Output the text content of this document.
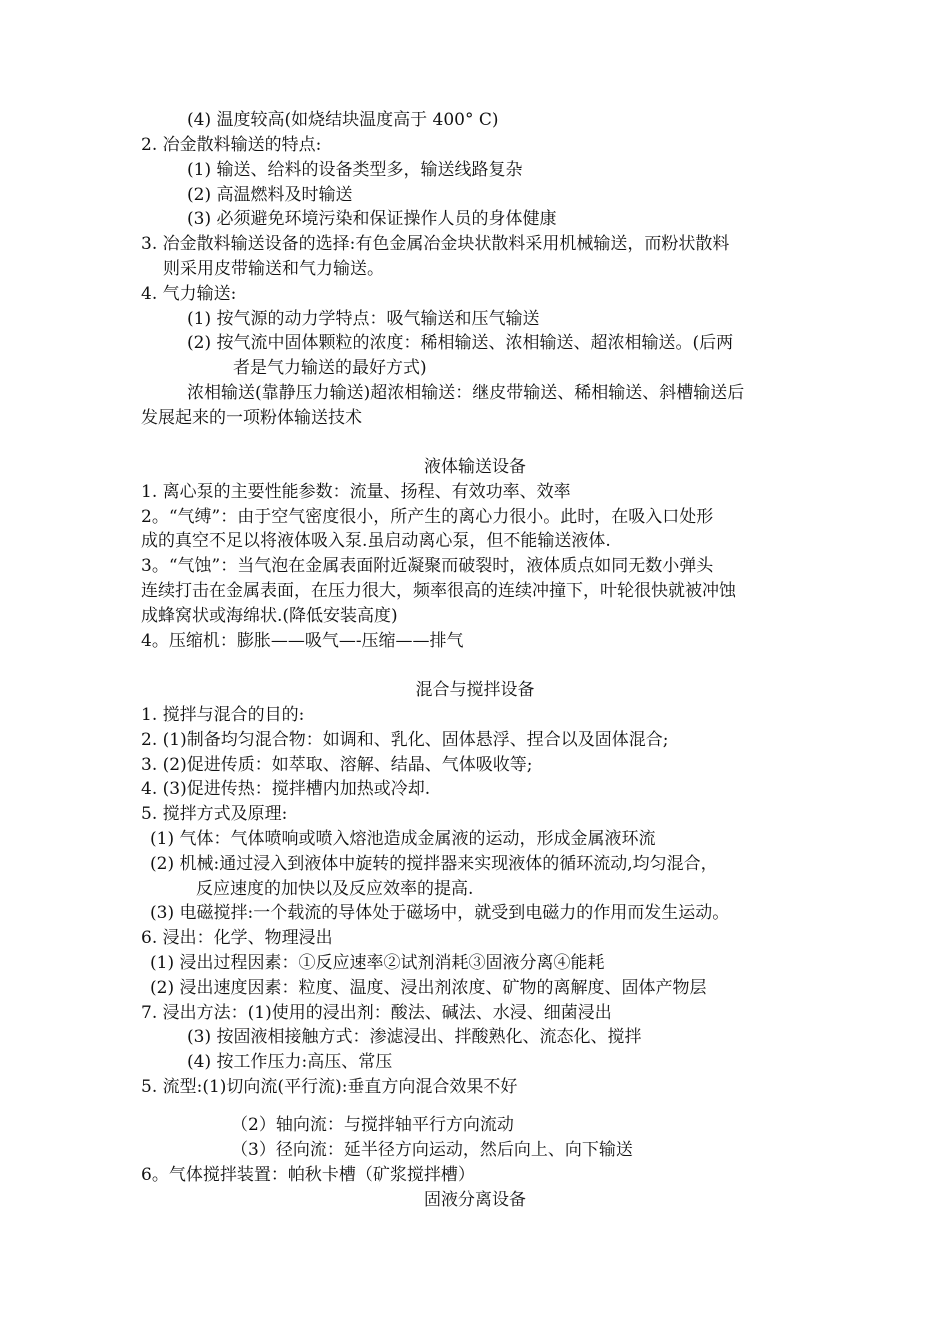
(4) 温度较高(如烧结块温度高于 400° C)
2. 冶金散料输送的特点:
(1) 输送、给料的设备类型多，输送线路复杂
(2) 高温燃料及时输送
(3) 必须避免环境污染和保证操作人员的身体健康
3. 冶金散料输送设备的选择:有色金属冶金块状散料采用机械输送，而粉状散料
则采用皮带输送和气力输送。
4. 气力输送:
(1) 按气源的动力学特点：吸气输送和压气输送
(2) 按气流中固体颗粒的浓度：稀相输送、浓相输送、超浓相输送。(后两
者是气力输送的最好方式)
浓相输送(靠静压力输送)超浓相输送：继皮带输送、稀相输送、斜槽输送后
发展起来的一项粉体输送技术
液体输送设备
1. 离心泵的主要性能参数：流量、扬程、有效功率、效率
2。“气缚”：由于空气密度很小，所产生的离心力很小。此时，在吸入口处形
成的真空不足以将液体吸入泵.虽启动离心泵，但不能输送液体.
3。“气蚀”：当气泡在金属表面附近凝聚而破裂时，液体质点如同无数小弹头
连续打击在金属表面，在压力很大，频率很高的连续冲撞下，叶轮很快就被冲蚀
成蜂窝状或海绵状.(降低安装高度)
4。压缩机：膨胀——吸气—-压缩——排气
混合与搅拌设备
1. 搅拌与混合的目的:
2. (1)制备均匀混合物：如调和、乳化、固体悬浮、捏合以及固体混合;
3. (2)促进传质：如萃取、溶解、结晶、气体吸收等;
4. (3)促进传热：搅拌槽内加热或冷却.
5. 搅拌方式及原理:
(1) 气体：气体喷响或喷入熔池造成金属液的运动，形成金属液环流
(2) 机械:通过浸入到液体中旋转的搅拌器来实现液体的循环流动,均匀混合，
反应速度的加快以及反应效率的提高.
(3) 电磁搅拌:一个载流的导体处于磁场中，就受到电磁力的作用而发生运动。
6. 浸出：化学、物理浸出
(1) 浸出过程因素：①反应速率②试剂消耗③固液分离④能耗
(2) 浸出速度因素：粒度、温度、浸出剂浓度、矿物的离解度、固体产物层
7. 浸出方法：(1)使用的浸出剂：酸法、碱法、水浸、细菌浸出
(3) 按固液相接触方式：渗滤浸出、拌酸熟化、流态化、搅拌
(4) 按工作压力:高压、常压
5. 流型:(1)切向流(平行流):垂直方向混合效果不好
（2）轴向流：与搅拌轴平行方向流动
（3）径向流：延半径方向运动，然后向上、向下输送
6。气体搅拌装置：帕秋卡槽（矿浆搅拌槽）
固液分离设备
